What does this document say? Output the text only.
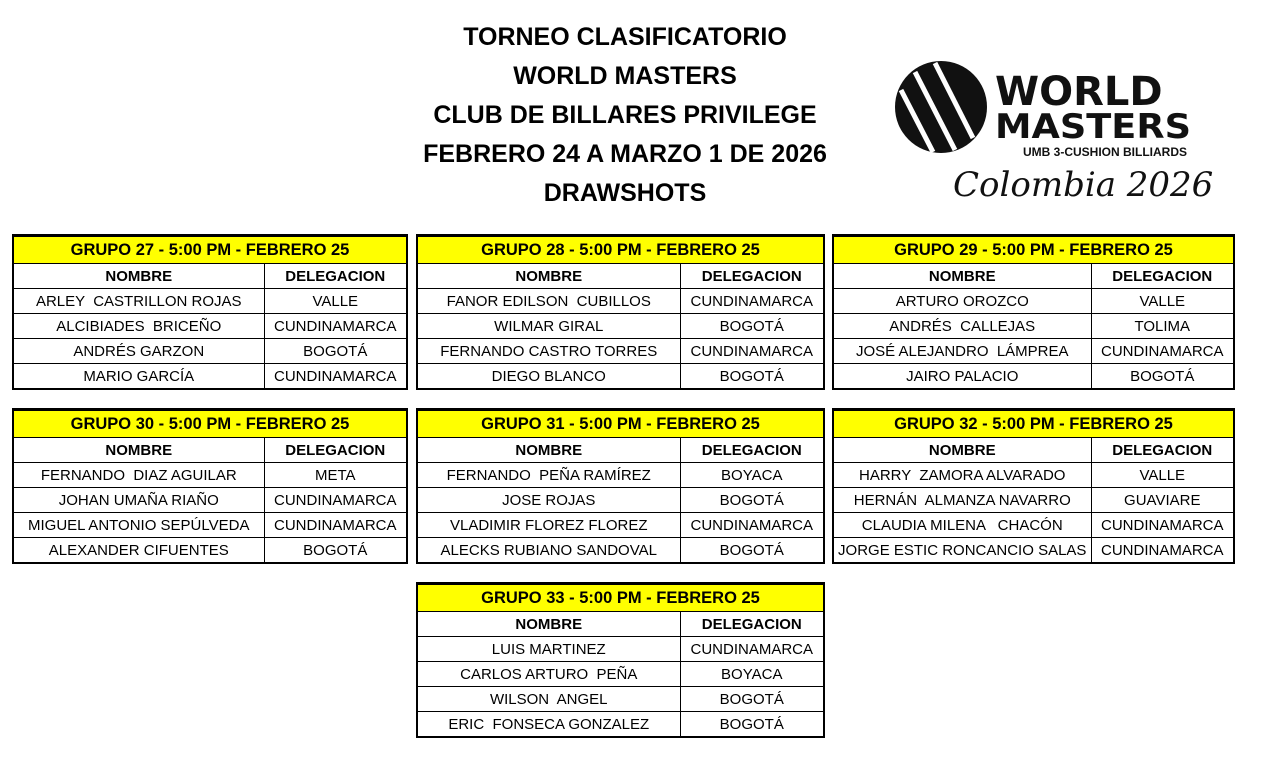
TORNEO CLASIFICATORIO
WORLD MASTERS
CLUB DE BILLARES PRIVILEGE
FEBRERO 24 A MARZO 1 DE 2026
DRAWSHOTS
WORLD
MASTERS
UMB 3-CUSHION BILLIARDS
Colombia 2026
GRUPO 27 - 5:00 PM - FEBRERO 25	
NOMBRE	DELEGACION
ARLEY  CASTRILLON ROJAS	VALLE
ALCIBIADES  BRICEÑO	CUNDINAMARCA
ANDRÉS GARZON	BOGOTÁ
MARIO GARCÍA	CUNDINAMARCA
GRUPO 28 - 5:00 PM - FEBRERO 25	
NOMBRE	DELEGACION
FANOR EDILSON  CUBILLOS	CUNDINAMARCA
WILMAR GIRAL	BOGOTÁ
FERNANDO CASTRO TORRES	CUNDINAMARCA
DIEGO BLANCO	BOGOTÁ
GRUPO 29 - 5:00 PM - FEBRERO 25	
NOMBRE	DELEGACION
ARTURO OROZCO	VALLE
ANDRÉS  CALLEJAS	TOLIMA
JOSÉ ALEJANDRO  LÁMPREA	CUNDINAMARCA
JAIRO PALACIO	BOGOTÁ
GRUPO 30 - 5:00 PM - FEBRERO 25	
NOMBRE	DELEGACION
FERNANDO  DIAZ AGUILAR	META
JOHAN UMAÑA RIAÑO	CUNDINAMARCA
MIGUEL ANTONIO SEPÚLVEDA	CUNDINAMARCA
ALEXANDER CIFUENTES	BOGOTÁ
GRUPO 31 - 5:00 PM - FEBRERO 25	
NOMBRE	DELEGACION
FERNANDO  PEÑA RAMÍREZ	BOYACA
JOSE ROJAS	BOGOTÁ
VLADIMIR FLOREZ FLOREZ	CUNDINAMARCA
ALECKS RUBIANO SANDOVAL	BOGOTÁ
GRUPO 32 - 5:00 PM - FEBRERO 25	
NOMBRE	DELEGACION
HARRY  ZAMORA ALVARADO	VALLE
HERNÁN  ALMANZA NAVARRO	GUAVIARE
CLAUDIA MILENA   CHACÓN	CUNDINAMARCA
JORGE ESTIC RONCANCIO SALAS	CUNDINAMARCA
GRUPO 33 - 5:00 PM - FEBRERO 25	
NOMBRE	DELEGACION
LUIS MARTINEZ	CUNDINAMARCA
CARLOS ARTURO  PEÑA	BOYACA
WILSON  ANGEL	BOGOTÁ
ERIC  FONSECA GONZALEZ	BOGOTÁ
